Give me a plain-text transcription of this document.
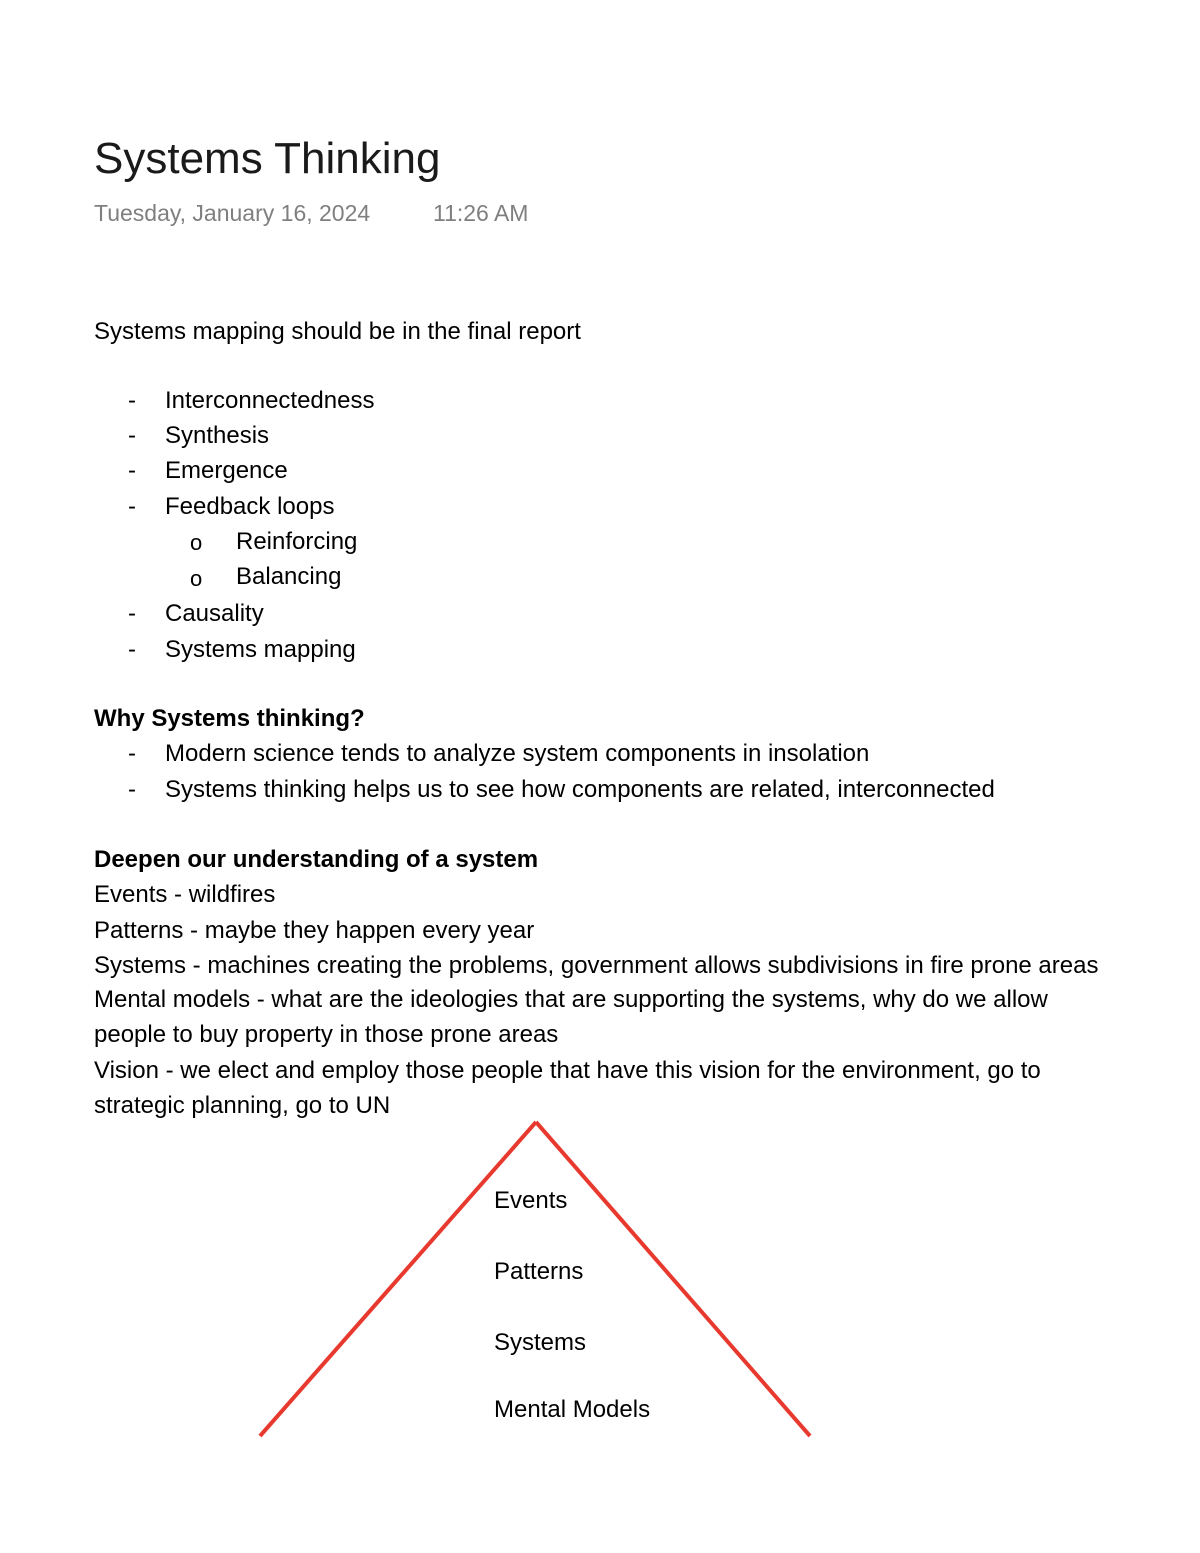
Systems Thinking
Tuesday, January 16, 2024	11:26 AM
Systems mapping should be in the final report
- Interconnectedness
- Synthesis
- Emergence
- Feedback loops
o Reinforcing
o Balancing
- Causality
- Systems mapping
Why Systems thinking?
- Modern science tends to analyze system components in insolation
- Systems thinking helps us to see how components are related, interconnected
Deepen our understanding of a system
Events - wildfires
Patterns - maybe they happen every year
Systems - machines creating the problems, government allows subdivisions in fire prone areas
Mental models - what are the ideologies that are supporting the systems, why do we allow
people to buy property in those prone areas
Vision - we elect and employ those people that have this vision for the environment, go to
strategic planning, go to UN
Events
Patterns
Systems
Mental Models
